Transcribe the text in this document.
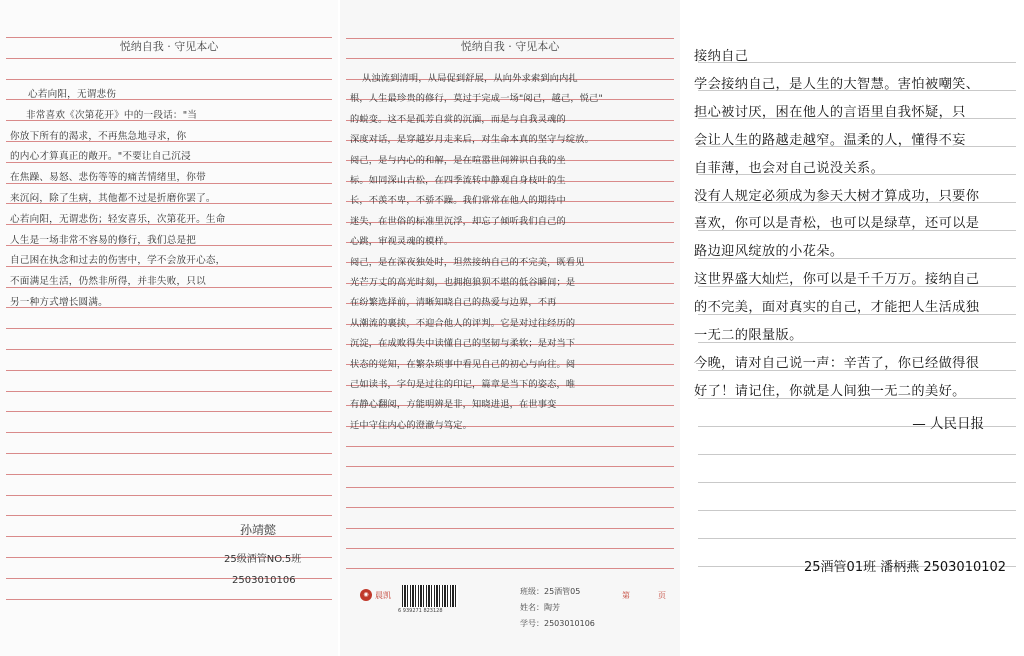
悦纳自我 · 守见本心
心若向阳，无谓悲伤
非常喜欢《次第花开》中的一段话："当
你放下所有的渴求，不再焦急地寻求，你
的内心才算真正的敞开。"不要让自己沉浸
在焦躁、易怒、悲伤等等的痛苦情绪里，你带
来沉闷，除了生病，其他都不过是折磨你罢了。
心若向阳，无谓悲伤；轻安喜乐，次第花开。生命
人生是一场非常不容易的修行，我们总是把
自己困在执念和过去的伤害中，学不会放开心态，
不面满足生活，仍然非所得，并非失败，只以
另一种方式增长圆满。
孙靖懿
25级酒管NO.5班
2503010106
悦纳自我 · 守见本心
从浊流到清明，从局促到舒展，从向外求索到向内扎
根，人生最珍贵的修行，莫过于完成一场"阅己，越己，悦己"
的蜕变。这不是孤芳自赏的沉湎，而是与自我灵魂的
深度对话，是穿越岁月走来后，对生命本真的坚守与绽放。
阅己，是与内心的和解，是在喧嚣世间辨识自我的坐
标。如同深山古松，在四季流转中静观自身枝叶的生
长，不羡不卑，不骄不躁。我们常常在他人的期待中
迷失，在世俗的标准里沉浮，却忘了倾听我们自己的
心跳，审视灵魂的模样。
阅己，是在深夜独处时，坦然接纳自己的不完美，既看见
光芒万丈的高光时刻，也拥抱狼狈不堪的低谷瞬间；是
在纷繁选择前，清晰知晓自己的热爱与边界，不再
从潮流的裹挟，不迎合他人的评判。它是对过往经历的
沉淀，在成败得失中读懂自己的坚韧与柔软；是对当下
状态的觉知，在繁杂琐事中看见自己的初心与向往。阅
己如读书，字句是过往的印记，篇章是当下的姿态，唯
有静心翻阅，方能明辨是非，知晓进退，在世事变
迁中守住内心的澄澈与笃定。
◉ 晨凯
6 939271 823128
班级：25酒管05
姓名：陶芳
学号：2503010106
第	页
接纳自己
学会接纳自己，是人生的大智慧。害怕被嘲笑、
担心被讨厌，困在他人的言语里自我怀疑，只
会让人生的路越走越窄。温柔的人，懂得不妄
自菲薄，也会对自己说没关系。
没有人规定必须成为参天大树才算成功，只要你
喜欢，你可以是青松，也可以是绿草，还可以是
路边迎风绽放的小花朵。
这世界盛大灿烂，你可以是千千万万。接纳自己
的不完美，面对真实的自己，才能把人生活成独
一无二的限量版。
今晚，请对自己说一声：辛苦了，你已经做得很
好了！请记住，你就是人间独一无二的美好。
— 人民日报
25酒管01班 潘柄燕 2503010102
